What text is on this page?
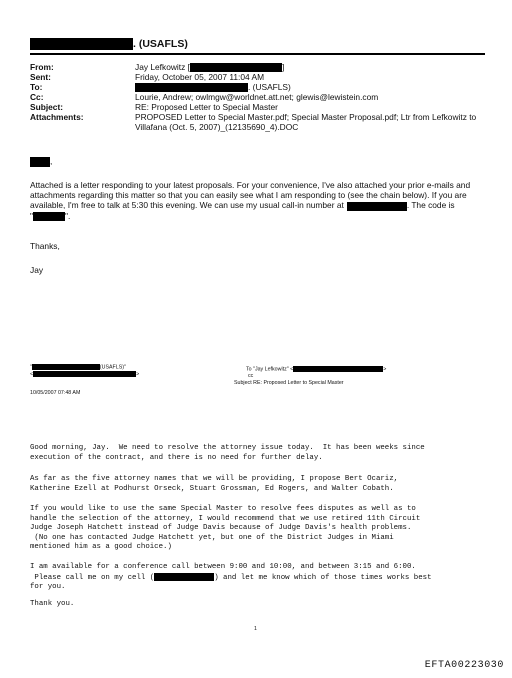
. (USAFLS)
From:	Jay Lefkowitz [	]
Sent:	Friday, October 05, 2007 11:04 AM
To:	. (USAFLS)
Cc:	Lourie, Andrew; owlmgw@worldnet.att.net; glewis@lewistein.com
Subject:	RE: Proposed Letter to Special Master
Attachments:	PROPOSED Letter to Special Master.pdf; Special Master Proposal.pdf; Ltr from Lefkowitz to
Villafana (Oct. 5, 2007)_(12135690_4).DOC
,
Attached is a letter responding to your latest proposals. For your convenience, I've also attached your prior e-mails and
attachments regarding this matter so that you can easily see what I am responding to (see the chain below). If you are
available, I'm free to talk at 5:30 this evening. We can use my usual call-in number at	. The code is
"	".
Thanks,
Jay
(USAFLS)"
<	>
10/05/2007 07:48 AM
To "Jay Lefkowitz" <	>
cc
Subject RE: Proposed Letter to Special Master
Good morning, Jay.  We need to resolve the attorney issue today.  It has been weeks since
execution of the contract, and there is no need for further delay.
As far as the five attorney names that we will be providing, I propose Bert Ocariz,
Katherine Ezell at Podhurst Orseck, Stuart Grossman, Ed Rogers, and Walter Cobath.
If you would like to use the same Special Master to resolve fees disputes as well as to
handle the selection of the attorney, I would recommend that we use retired 11th Circuit
Judge Joseph Hatchett instead of Judge Davis because of Judge Davis's health problems.
(No one has contacted Judge Hatchett yet, but one of the District Judges in Miami
mentioned him as a good choice.)
I am available for a conference call between 9:00 and 10:00, and between 3:15 and 6:00.
Please call me on my cell (	) and let me know which of those times works best
for you.
Thank you.
1
EFTA00223030
